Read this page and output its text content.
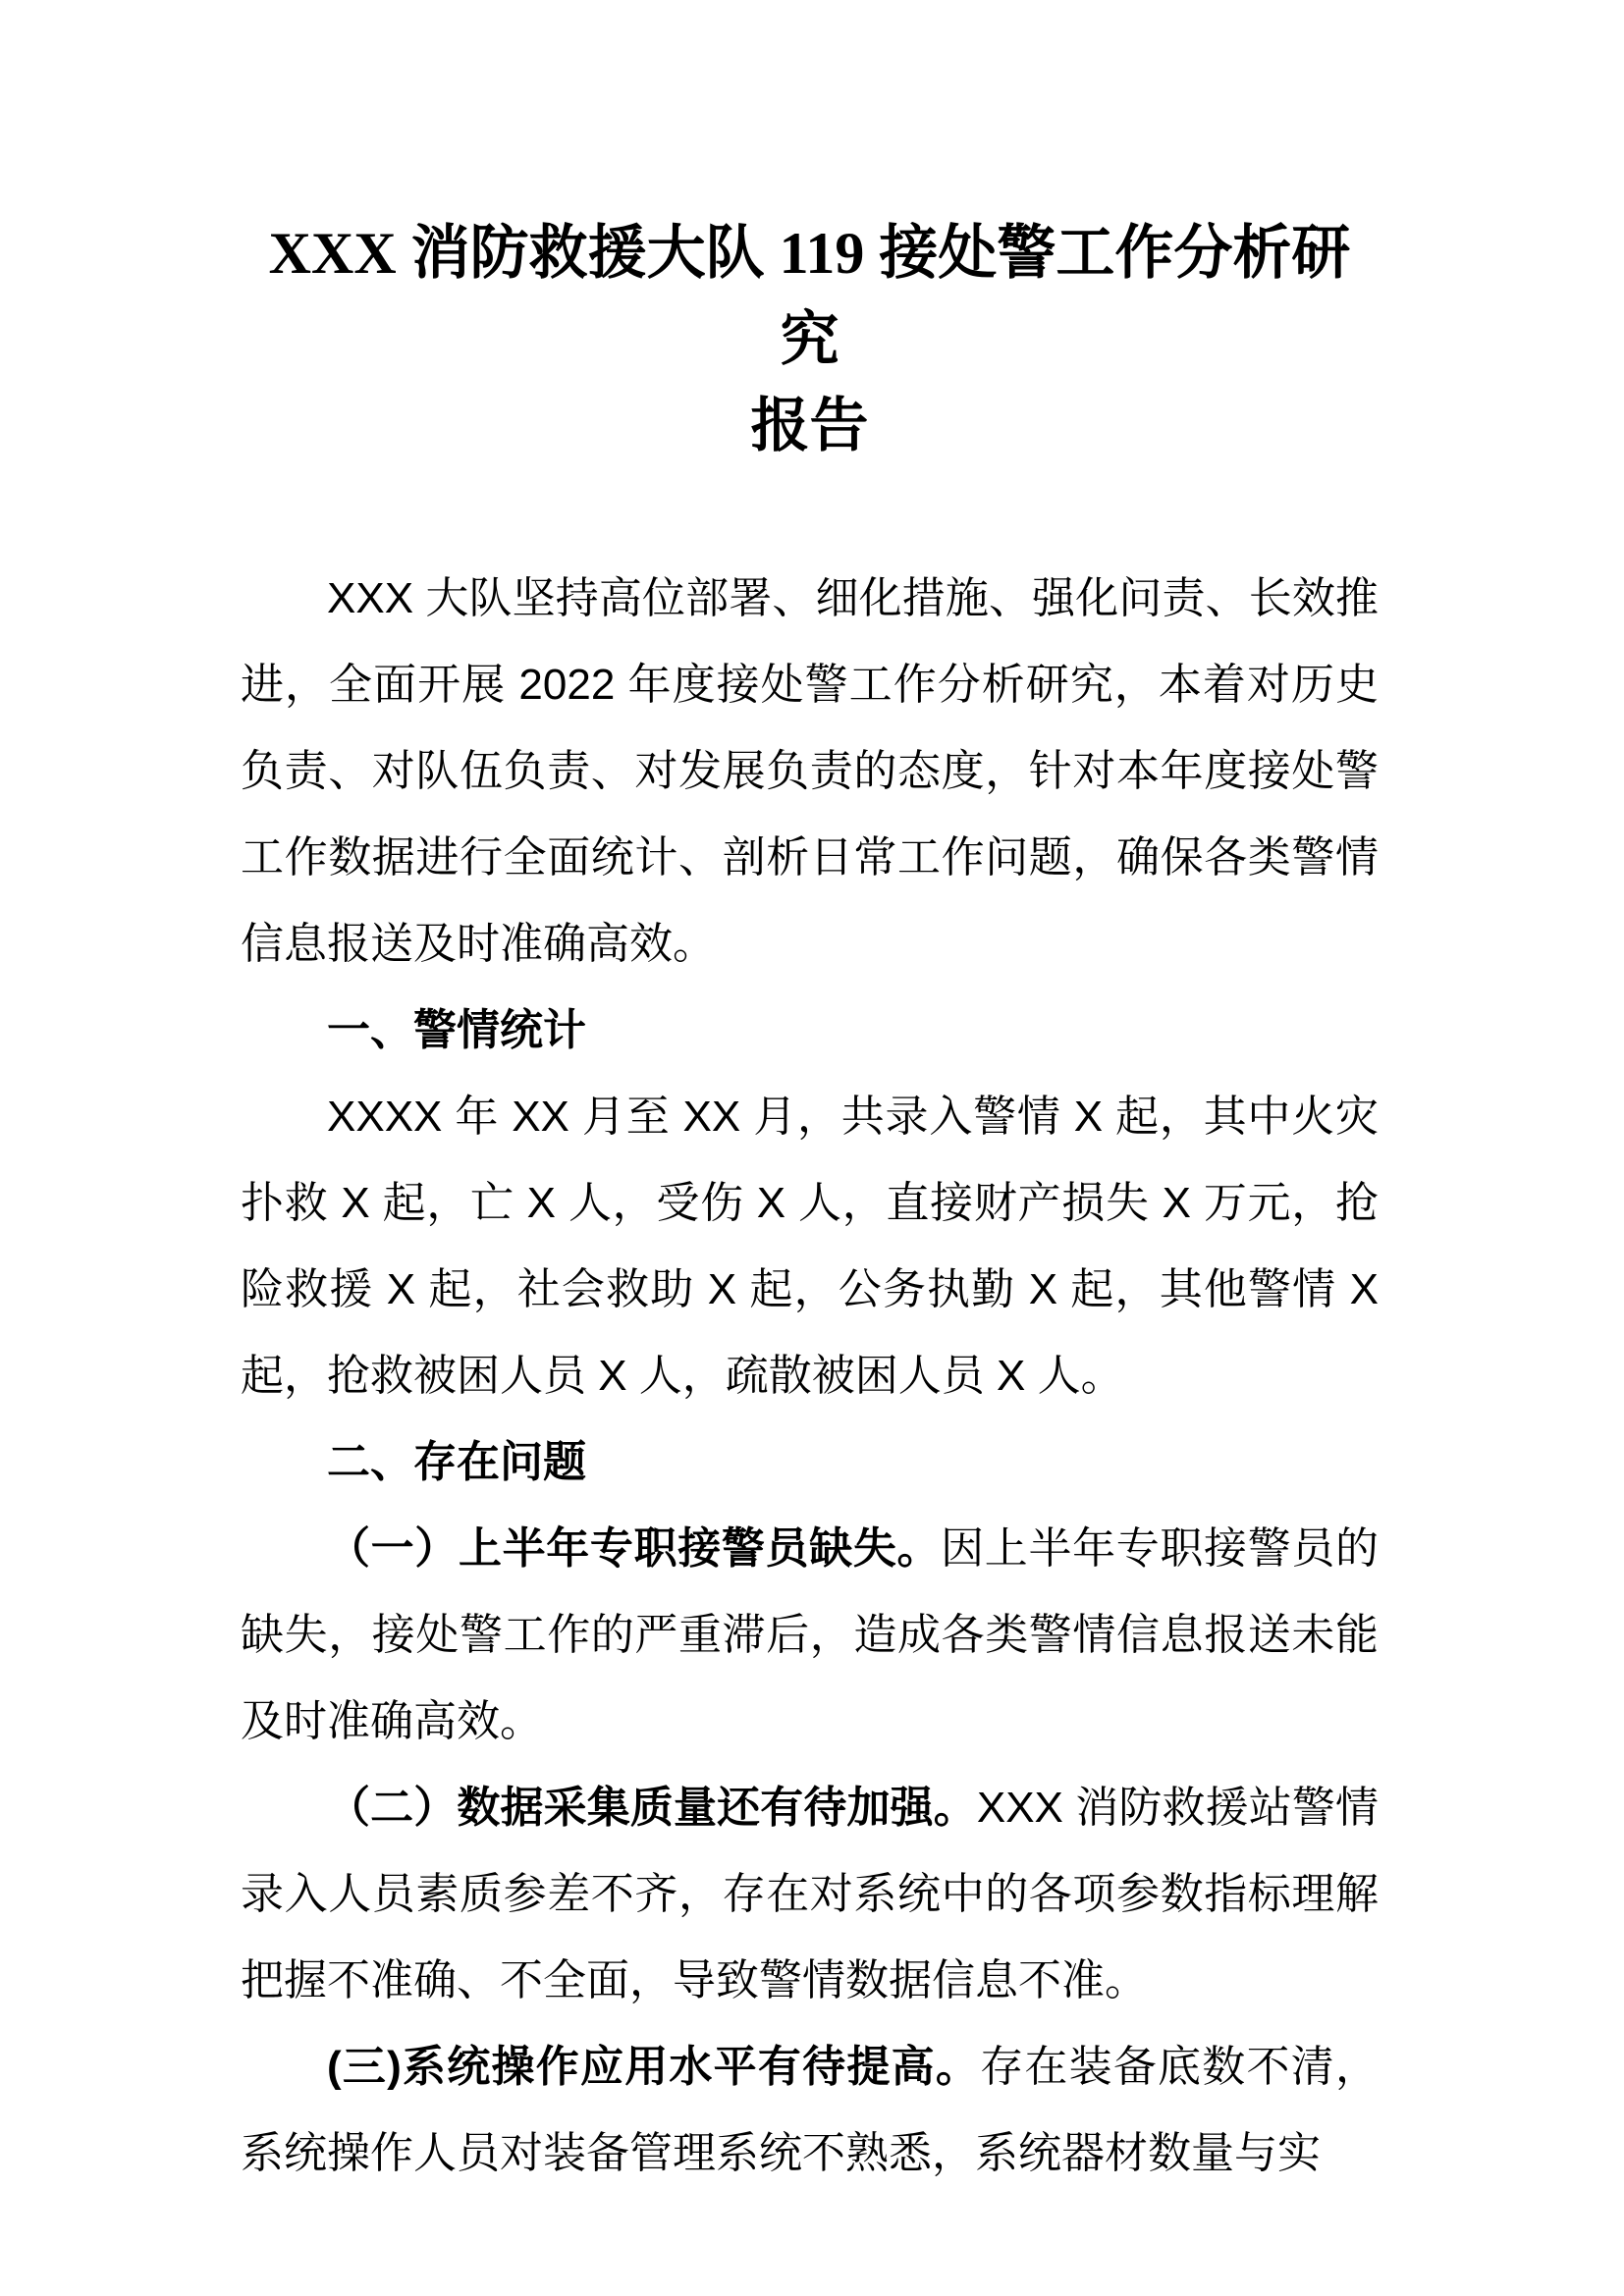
XXX 消防救援大队 119 接处警工作分析研究
报告

XXX 大队坚持高位部署、细化措施、强化问责、长效推进，全面开展 2022 年度接处警工作分析研究，本着对历史负责、对队伍负责、对发展负责的态度，针对本年度接处警工作数据进行全面统计、剖析日常工作问题，确保各类警情信息报送及时准确高效。

一、警情统计

XXXX 年 XX 月至 XX 月，共录入警情 X 起，其中火灾扑救 X 起，亡 X 人，受伤 X 人，直接财产损失 X 万元，抢险救援 X 起，社会救助 X 起，公务执勤 X 起，其他警情 X 起，抢救被困人员 X 人，疏散被困人员 X 人。

二、存在问题

（一）上半年专职接警员缺失。因上半年专职接警员的缺失，接处警工作的严重滞后，造成各类警情信息报送未能及时准确高效。

（二）数据采集质量还有待加强。XXX 消防救援站警情录入人员素质参差不齐，存在对系统中的各项参数指标理解把握不准确、不全面，导致警情数据信息不准。

(三)系统操作应用水平有待提高。存在装备底数不清，系统操作人员对装备管理系统不熟悉，系统器材数量与实
